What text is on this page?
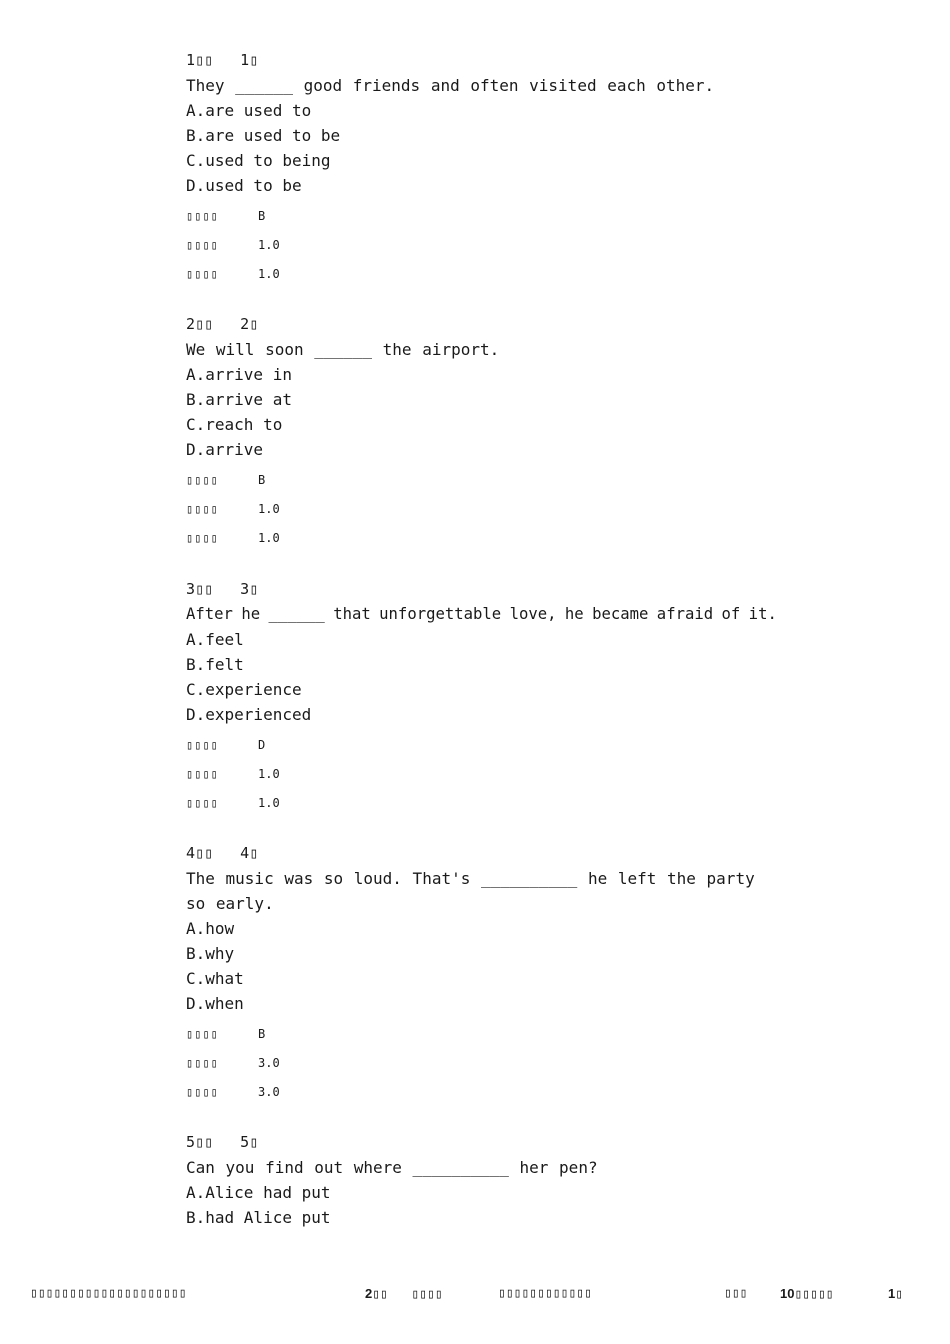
1▯▯   1▯
They ______ good friends and often visited each other.
A.are used to
B.are used to be
C.used to being
D.used to be
▯▯▯▯	B
▯▯▯▯	1.0
▯▯▯▯	1.0
2▯▯   2▯
We will soon ______ the airport.
A.arrive in
B.arrive at
C.reach to
D.arrive
▯▯▯▯	B
▯▯▯▯	1.0
▯▯▯▯	1.0
3▯▯   3▯
After he ______ that unforgettable love, he became afraid of it.
A.feel
B.felt
C.experience
D.experienced
▯▯▯▯	D
▯▯▯▯	1.0
▯▯▯▯	1.0
4▯▯   4▯
The music was so loud. That's __________ he left the party so early.
A.how
B.why
C.what
D.when
▯▯▯▯	B
▯▯▯▯	3.0
▯▯▯▯	3.0
5▯▯   5▯
Can you find out where __________ her pen?
A.Alice had put
B.had Alice put
▯▯▯▯▯▯▯▯▯▯▯▯▯▯▯▯▯▯▯▯	2▯▯   ▯▯▯▯	▯▯▯▯▯▯▯▯▯▯▯▯	▯▯▯	10▯▯▯▯▯	1▯
